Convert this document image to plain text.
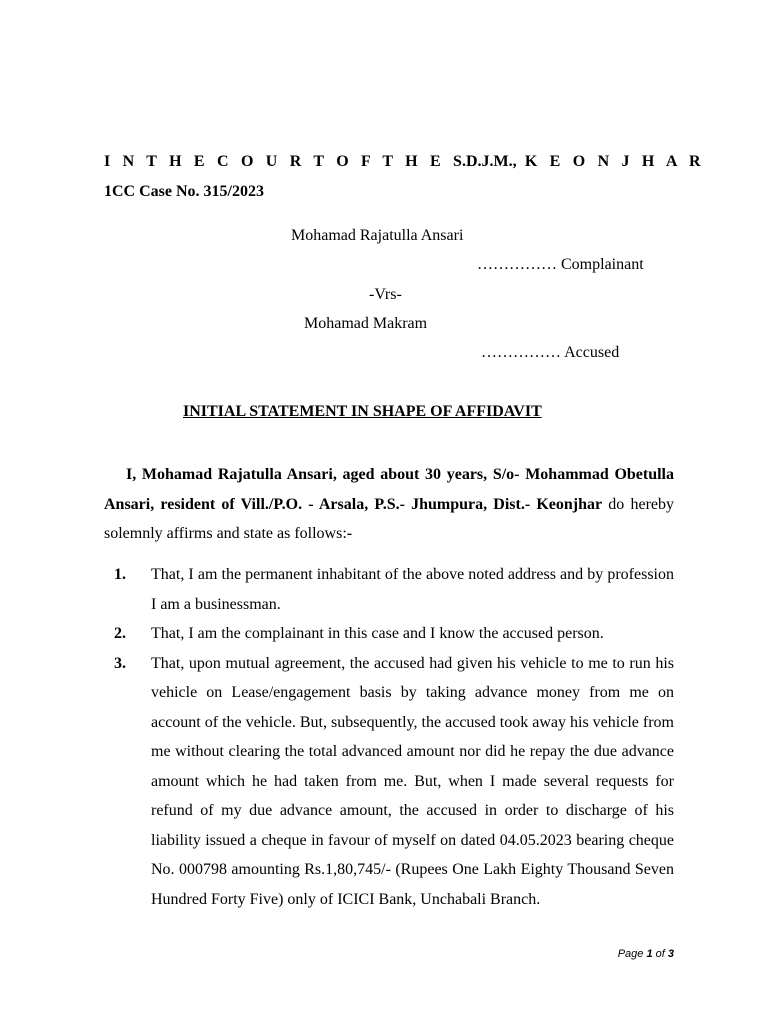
I N T H E C O U R T O F T H E S.D.J.M., K E O N J H A R
1CC Case No. 315/2023
Mohamad Rajatulla Ansari
…………… Complainant
-Vrs-
Mohamad Makram
…………… Accused
INITIAL STATEMENT IN SHAPE OF AFFIDAVIT
I, Mohamad Rajatulla Ansari, aged about 30 years, S/o- Mohammad Obetulla Ansari, resident of Vill./P.O. - Arsala, P.S.- Jhumpura, Dist.- Keonjhar do hereby solemnly affirms and state as follows:-
1. That, I am the permanent inhabitant of the above noted address and by profession I am a businessman.
2. That, I am the complainant in this case and I know the accused person.
3. That, upon mutual agreement, the accused had given his vehicle to me to run his vehicle on Lease/engagement basis by taking advance money from me on account of the vehicle. But, subsequently, the accused took away his vehicle from me without clearing the total advanced amount nor did he repay the due advance amount which he had taken from me. But, when I made several requests for refund of my due advance amount, the accused in order to discharge of his liability issued a cheque in favour of myself on dated 04.05.2023 bearing cheque No. 000798 amounting Rs.1,80,745/- (Rupees One Lakh Eighty Thousand Seven Hundred Forty Five) only of ICICI Bank, Unchabali Branch.
Page 1 of 3
